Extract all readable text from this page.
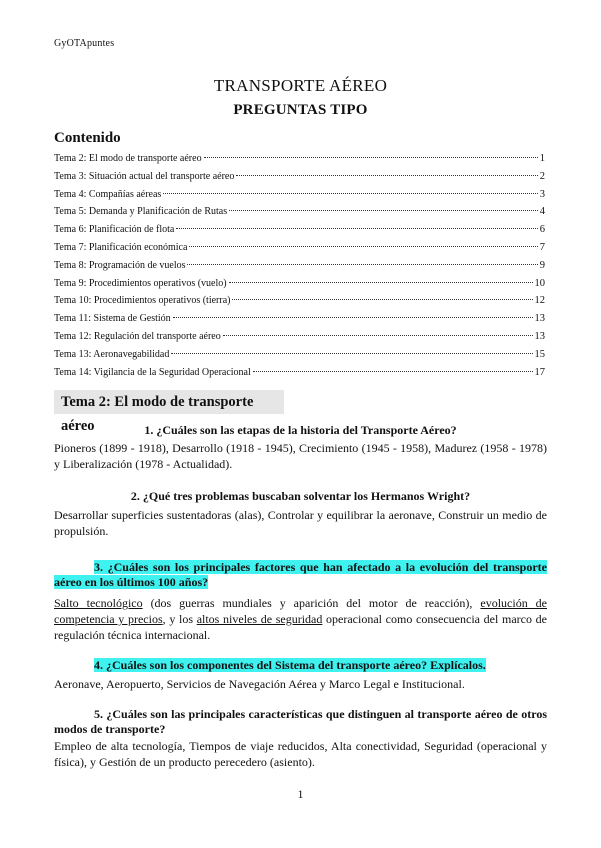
GyOTApuntes
TRANSPORTE AÉREO
PREGUNTAS TIPO
Contenido
Tema 2: El modo de transporte aéreo	1
Tema 3: Situación actual del transporte aéreo	2
Tema 4: Compañías aéreas	3
Tema 5: Demanda y Planificación de Rutas	4
Tema 6: Planificación de flota	6
Tema 7: Planificación económica	7
Tema 8: Programación de vuelos	9
Tema 9: Procedimientos operativos (vuelo)	10
Tema 10: Procedimientos operativos (tierra)	12
Tema 11: Sistema de Gestión	13
Tema 12: Regulación del transporte aéreo	13
Tema 13: Aeronavegabilidad	15
Tema 14: Vigilancia de la Seguridad Operacional	17
Tema 2: El modo de transporte aéreo	1. ¿Cuáles son las etapas de la historia del Transporte Aéreo?
Pioneros (1899 - 1918), Desarrollo (1918 - 1945), Crecimiento (1945 - 1958), Madurez (1958 - 1978) y Liberalización (1978 - Actualidad).
2. ¿Qué tres problemas buscaban solventar los Hermanos Wright?
Desarrollar superficies sustentadoras (alas), Controlar y equilibrar la aeronave, Construir un medio de propulsión.
3. ¿Cuáles son los principales factores que han afectado a la evolución del transporte aéreo en los últimos 100 años?
Salto tecnológico (dos guerras mundiales y aparición del motor de reacción), evolución de competencia y precios, y los altos niveles de seguridad operacional como consecuencia del marco de regulación técnica internacional.
4. ¿Cuáles son los componentes del Sistema del transporte aéreo? Explícalos.
Aeronave, Aeropuerto, Servicios de Navegación Aérea y Marco Legal e Institucional.
5. ¿Cuáles son las principales características que distinguen al transporte aéreo de otros modos de transporte?
Empleo de alta tecnología, Tiempos de viaje reducidos, Alta conectividad, Seguridad (operacional y física), y Gestión de un producto perecedero (asiento).
1
